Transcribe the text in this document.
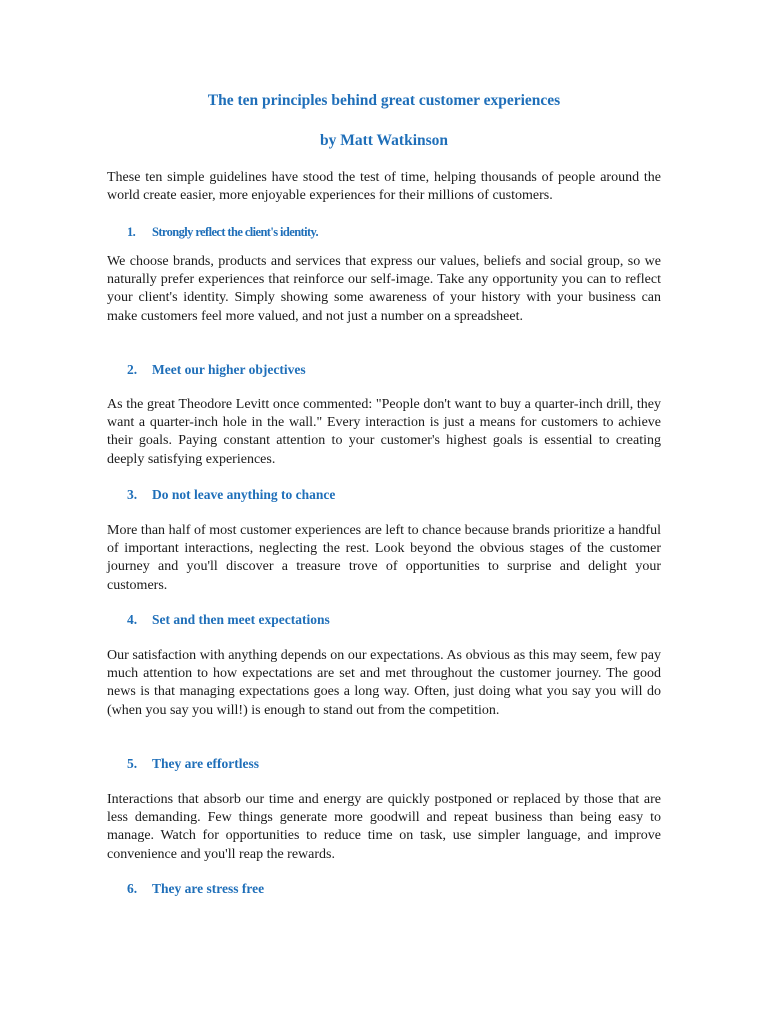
The ten principles behind great customer experiences
by Matt Watkinson

These ten simple guidelines have stood the test of time, helping thousands of people around the world create easier, more enjoyable experiences for their millions of customers.

1. Strongly reflect the client's identity.

We choose brands, products and services that express our values, beliefs and social group, so we naturally prefer experiences that reinforce our self-image. Take any opportunity you can to reflect your client's identity. Simply showing some awareness of your history with your business can make customers feel more valued, and not just a number on a spreadsheet.

2. Meet our higher objectives

As the great Theodore Levitt once commented: "People don't want to buy a quarter-inch drill, they want a quarter-inch hole in the wall." Every interaction is just a means for customers to achieve their goals. Paying constant attention to your customer's highest goals is essential to creating deeply satisfying experiences.

3. Do not leave anything to chance

More than half of most customer experiences are left to chance because brands prioritize a handful of important interactions, neglecting the rest. Look beyond the obvious stages of the customer journey and you'll discover a treasure trove of opportunities to surprise and delight your customers.

4. Set and then meet expectations

Our satisfaction with anything depends on our expectations. As obvious as this may seem, few pay much attention to how expectations are set and met throughout the customer journey. The good news is that managing expectations goes a long way. Often, just doing what you say you will do (when you say you will!) is enough to stand out from the competition.

5. They are effortless

Interactions that absorb our time and energy are quickly postponed or replaced by those that are less demanding. Few things generate more goodwill and repeat business than being easy to manage. Watch for opportunities to reduce time on task, use simpler language, and improve convenience and you'll reap the rewards.

6. They are stress free
